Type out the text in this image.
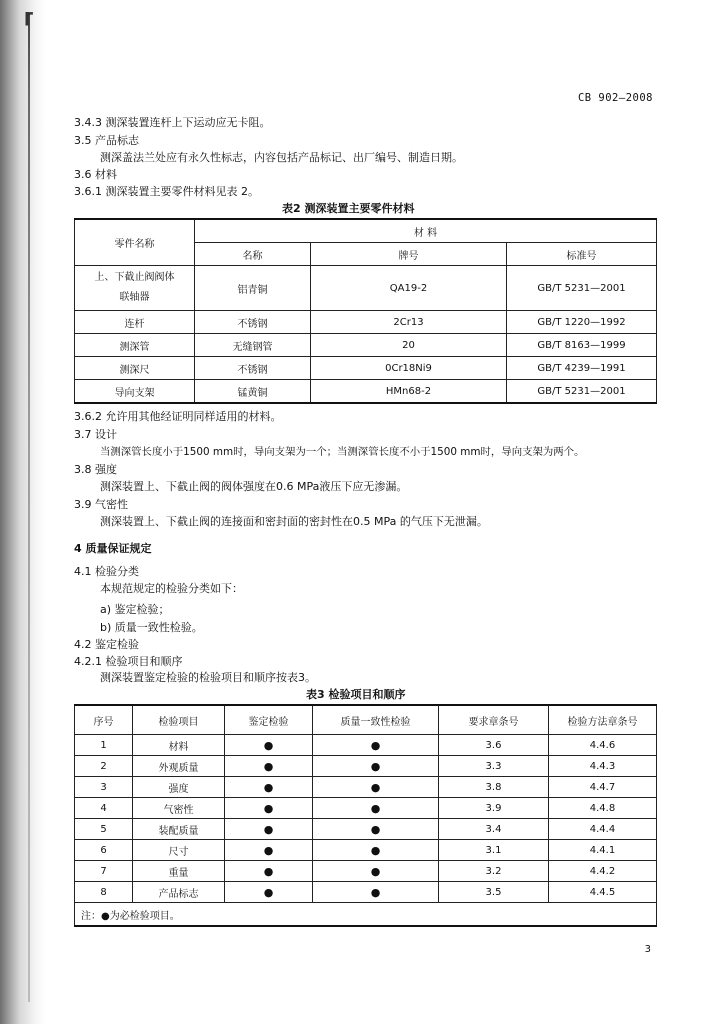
ɼ
CB 902—2008
3.4.3 测深装置连杆上下运动应无卡阻。
3.5 产品标志
测深盖法兰处应有永久性标志，内容包括产品标记、出厂编号、制造日期。
3.6 材料
3.6.1 测深装置主要零件材料见表 2。
表2 测深装置主要零件材料
零件名称	材 料		
	名称	牌号	标准号

上、下截止阀阀体
联轴器	铝青铜	QA19-2	GB/T 5231—2001
连杆	不锈钢	2Cr13	GB/T 1220—1992
测深管	无缝钢管	20	GB/T 8163—1999
测深尺	不锈钢	0Cr18Ni9	GB/T 4239—1991
导向支架	锰黄铜	HMn68-2	GB/T 5231—2001
3.6.2 允许用其他经证明同样适用的材料。
3.7 设计
当测深管长度小于1500 mm时，导向支架为一个；当测深管长度不小于1500 mm时，导向支架为两个。
3.8 强度
测深装置上、下截止阀的阀体强度在0.6 MPa液压下应无渗漏。
3.9 气密性
测深装置上、下截止阀的连接面和密封面的密封性在0.5 MPa 的气压下无泄漏。
4 质量保证规定
4.1 检验分类
本规范规定的检验分类如下：
a) 鉴定检验；
b) 质量一致性检验。
4.2 鉴定检验
4.2.1 检验项目和顺序
测深装置鉴定检验的检验项目和顺序按表3。
表3 检验项目和顺序
序号	检验项目	鉴定检验	质量一致性检验	要求章条号	检验方法章条号
1	材料	●	●	3.6	4.4.6
2	外观质量	●	●	3.3	4.4.3
3	强度	●	●	3.8	4.4.7
4	气密性	●	●	3.9	4.4.8
5	装配质量	●	●	3.4	4.4.4
6	尺寸	●	●	3.1	4.4.1
7	重量	●	●	3.2	4.4.2
8	产品标志	●	●	3.5	4.4.5
注：●为必检验项目。					
3
